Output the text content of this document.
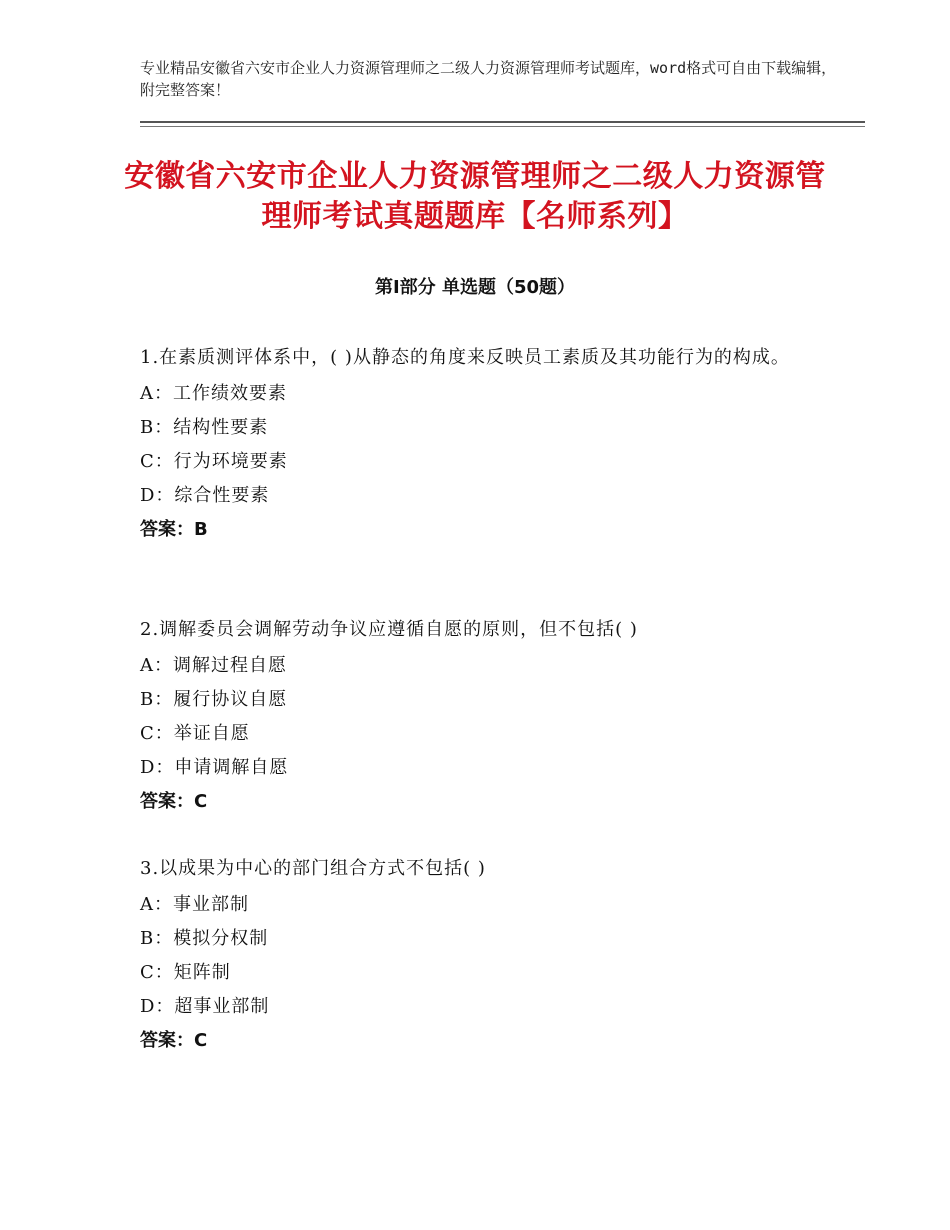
专业精品安徽省六安市企业人力资源管理师之二级人力资源管理师考试题库，word格式可自由下载编辑，附完整答案！
安徽省六安市企业人力资源管理师之二级人力资源管理师考试真题题库【名师系列】
第Ⅰ部分 单选题（50题）
1.在素质测评体系中，( )从静态的角度来反映员工素质及其功能行为的构成。
A：工作绩效要素
B：结构性要素
C：行为环境要素
D：综合性要素
答案：B
2.调解委员会调解劳动争议应遵循自愿的原则，但不包括( )
A：调解过程自愿
B：履行协议自愿
C：举证自愿
D：申请调解自愿
答案：C
3.以成果为中心的部门组合方式不包括( )
A：事业部制
B：模拟分权制
C：矩阵制
D：超事业部制
答案：C
